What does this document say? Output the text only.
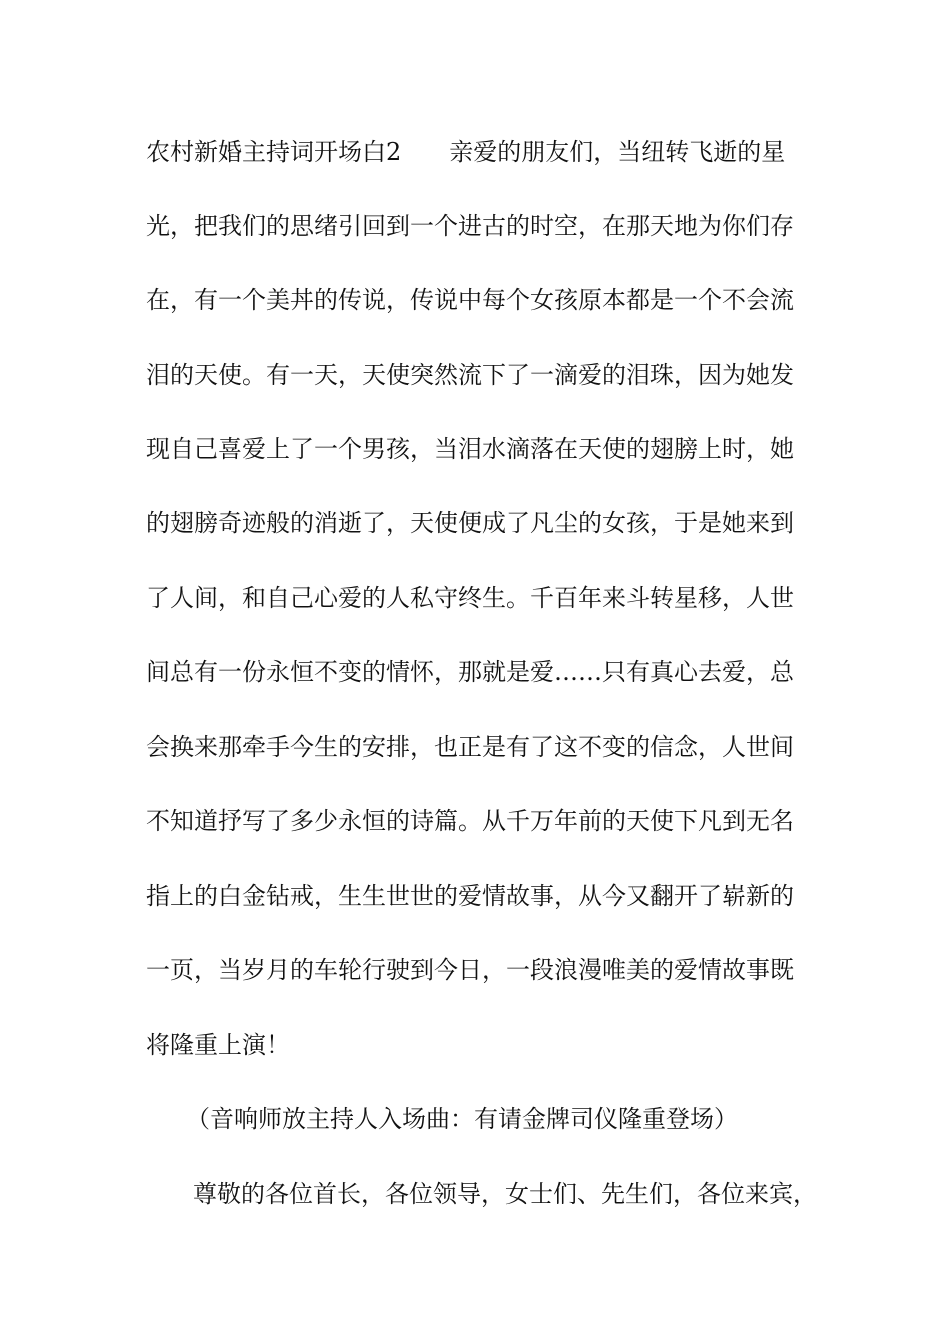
农村新婚主持词开场白2　　亲爱的朋友们，当纽转飞逝的星
光，把我们的思绪引回到一个进古的时空，在那天地为你们存
在，有一个美丼的传说，传说中每个女孩原本都是一个不会流
泪的天使。有一天，天使突然流下了一滴爱的泪珠，因为她发
现自己喜爱上了一个男孩，当泪水滴落在天使的翅膀上时，她
的翅膀奇迹般的消逝了，天使便成了凡尘的女孩，于是她来到
了人间，和自己心爱的人私守终生。千百年来斗转星移，人世
间总有一份永恒不变的情怀，那就是爱……只有真心去爱，总
会换来那牵手今生的安排，也正是有了这不变的信念，人世间
不知道抒写了多少永恒的诗篇。从千万年前的天使下凡到无名
指上的白金钻戒，生生世世的爱情故事，从今又翻开了崭新的
一页，当岁月的车轮行驶到今日，一段浪漫唯美的爱情故事既
将隆重上演！
（音响师放主持人入场曲：有请金牌司仪隆重登场）
尊敬的各位首长，各位领导，女士们、先生们，各位来宾，
